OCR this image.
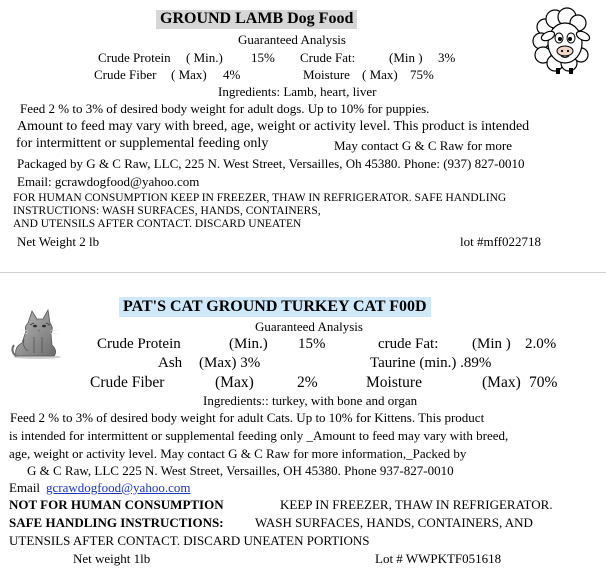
GROUND LAMB Dog Food
Guaranteed Analysis
Crude Protein ( Min.) 15% Crude Fat:	(Min ) 3%
Crude Fiber ( Max) 4%	Moisture ( Max) 75%
Ingredients: Lamb, heart, liver
Feed 2 % to 3% of desired body weight for adult dogs. Up to 10% for puppies.
Amount to feed may vary with breed, age, weight or activity level. This product is intended
for intermittent or supplemental feeding only	May contact G & C Raw for more
Packaged by G & C Raw, LLC, 225 N. West Street, Versailles, Oh 45380. Phone: (937) 827-0010
Email: gcrawdogfood@yahoo.com
FOR HUMAN CONSUMPTION KEEP IN FREEZER, THAW IN REFRIGERATOR. SAFE HANDLING
INSTRUCTIONS: WASH SURFACES, HANDS, CONTAINERS,
AND UTENSILS AFTER CONTACT. DISCARD UNEATEN
Net Weight 2 lb	lot #mff022718
PAT'S CAT GROUND TURKEY CAT F00D
Guaranteed Analysis
Crude Protein	(Min.) 15%	crude Fat: (Min ) 2.0%
Ash (Max) 3%	Taurine (min.) .89%
Crude Fiber	(Max)	2%	Moisture	(Max) 70%
Ingredients:: turkey, with bone and organ
Feed 2 % to 3% of desired body weight for adult Cats. Up to 10% for Kittens. This product
is intended for intermittent or supplemental feeding only _Amount to feed may vary with breed,
age, weight or activity level. May contact G & C Raw for more information,_Packed by
G & C Raw, LLC 225 N. West Street, Versailles, OH 45380. Phone 937-827-0010
Email gcrawdogfood@yahoo.com
NOT FOR HUMAN CONSUMPTION	KEEP IN FREEZER, THAW IN REFRIGERATOR.
SAFE HANDLING INSTRUCTIONS: WASH SURFACES, HANDS, CONTAINERS, AND
UTENSILS AFTER CONTACT. DISCARD UNEATEN PORTIONS
Net weight 1lb	Lot # WWPKTF051618
